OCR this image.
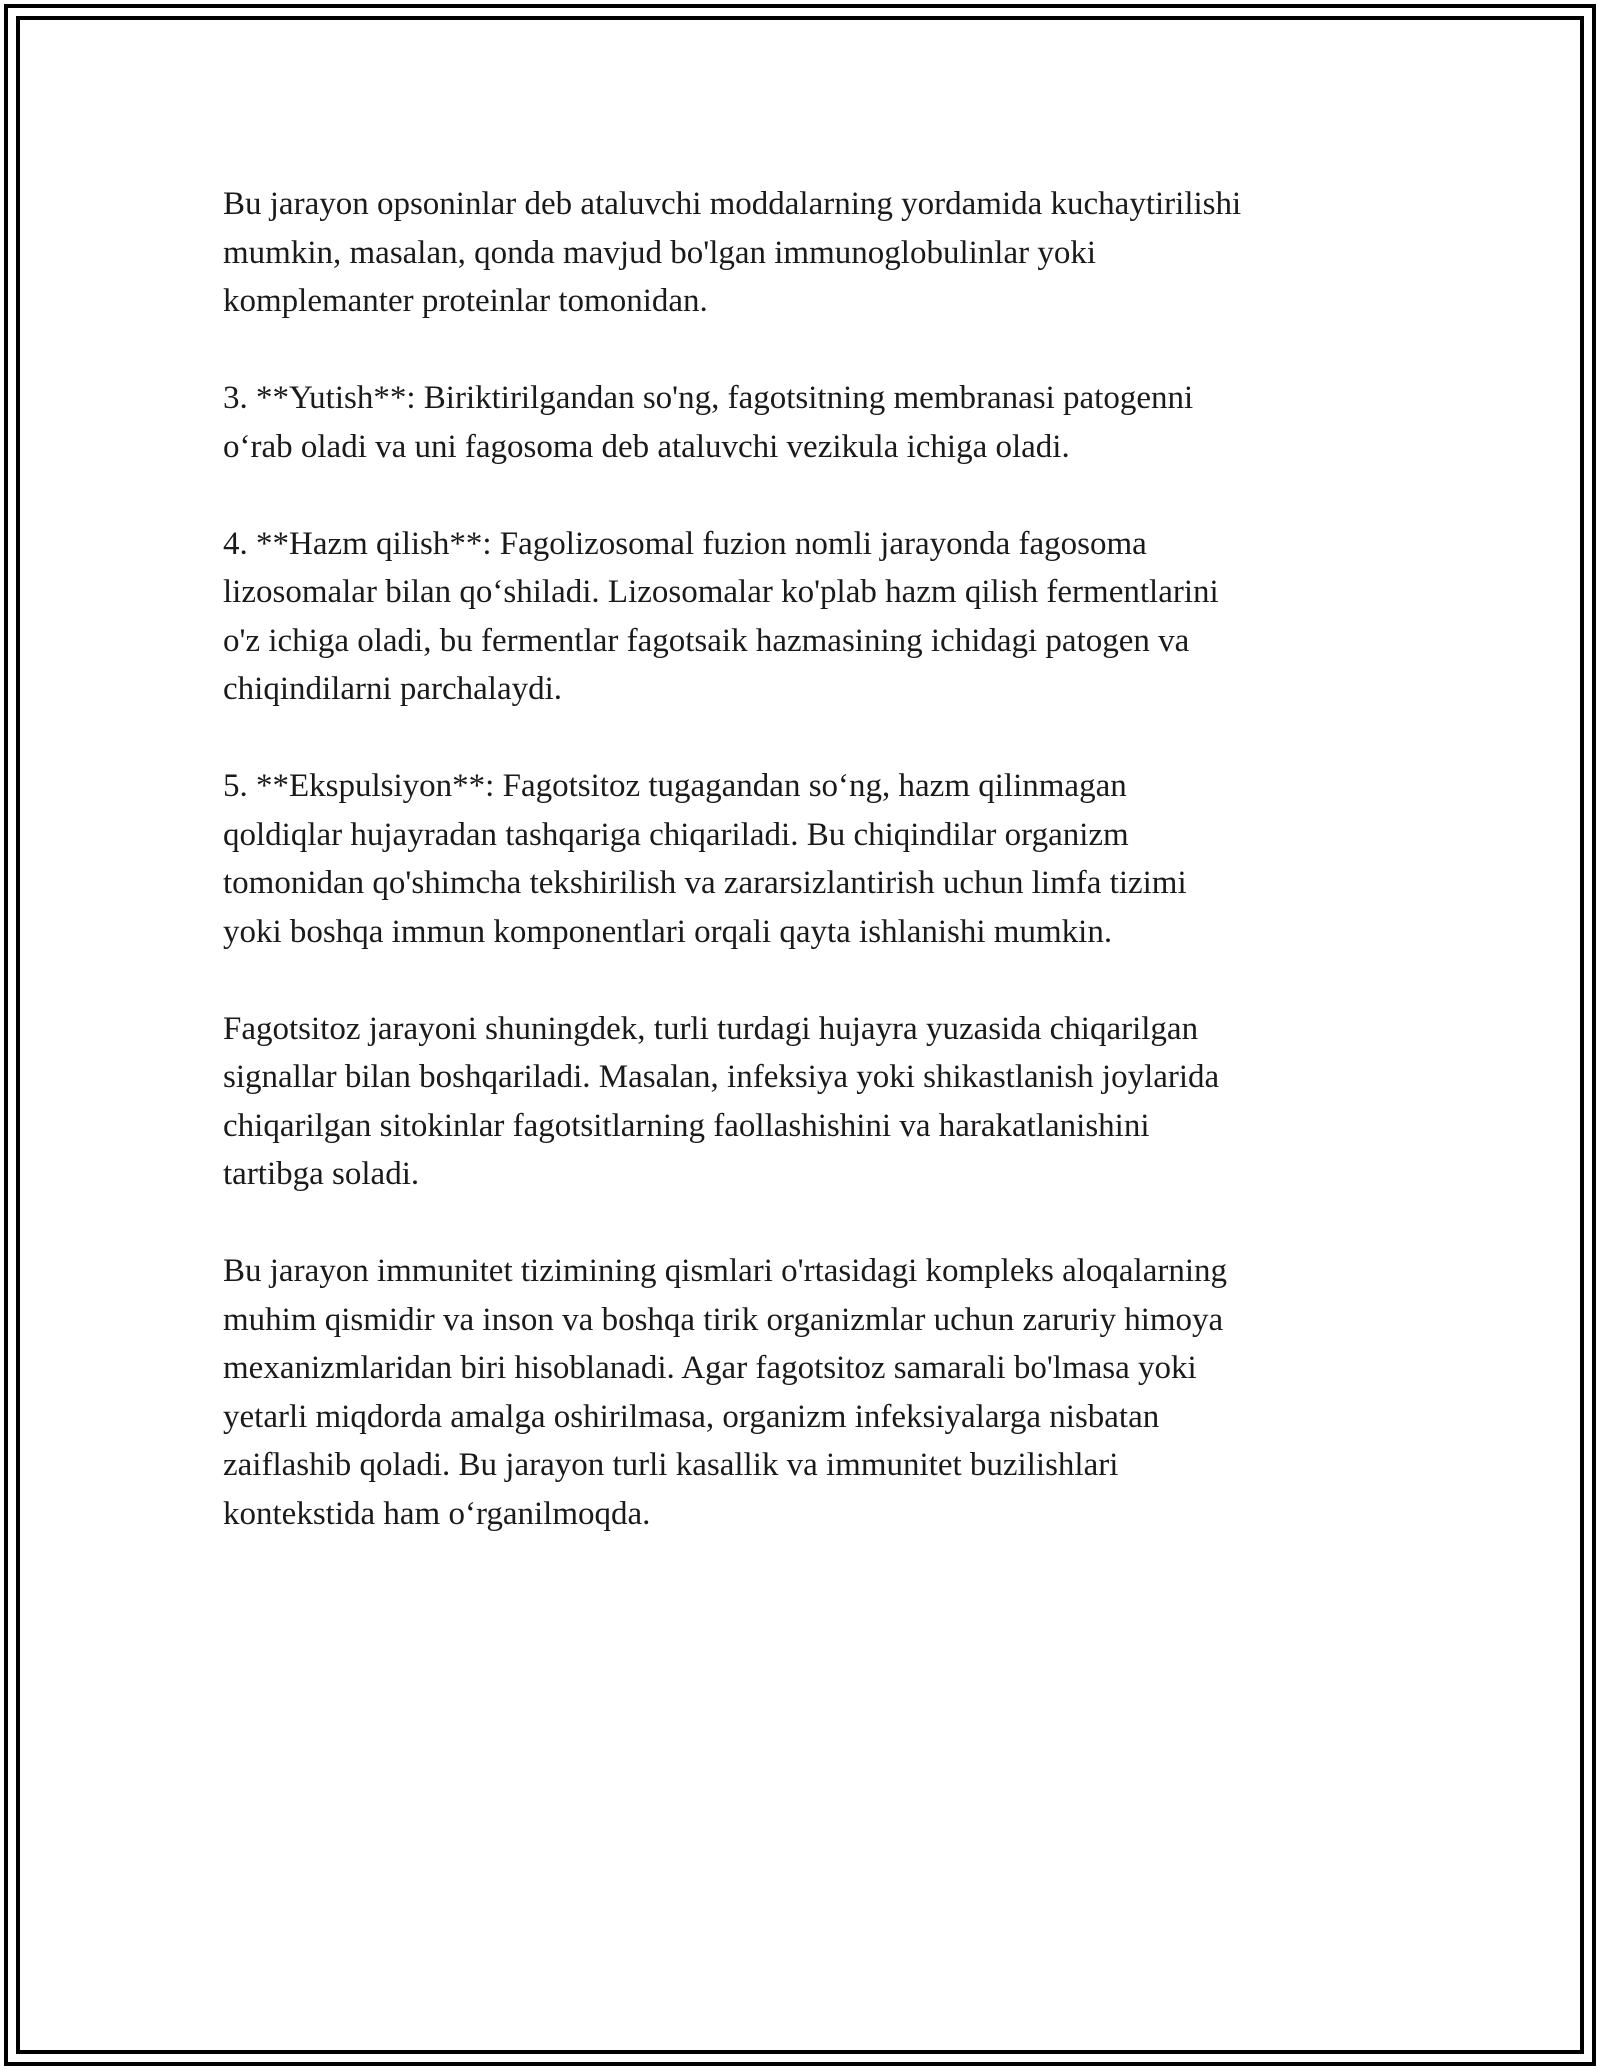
Bu jarayon opsoninlar deb ataluvchi moddalarning yordamida kuchaytirilishi
mumkin, masalan, qonda mavjud bo'lgan immunoglobulinlar yoki
komplemanter proteinlar tomonidan.

3. **Yutish**: Biriktirilgandan so'ng, fagotsitning membranasi patogenni
o‘rab oladi va uni fagosoma deb ataluvchi vezikula ichiga oladi.

4. **Hazm qilish**: Fagolizosomal fuzion nomli jarayonda fagosoma
lizosomalar bilan qo‘shiladi. Lizosomalar ko'plab hazm qilish fermentlarini
o'z ichiga oladi, bu fermentlar fagotsaik hazmasining ichidagi patogen va
chiqindilarni parchalaydi.

5. **Ekspulsiyon**: Fagotsitoz tugagandan so‘ng, hazm qilinmagan
qoldiqlar hujayradan tashqariga chiqariladi. Bu chiqindilar organizm
tomonidan qo'shimcha tekshirilish va zararsizlantirish uchun limfa tizimi
yoki boshqa immun komponentlari orqali qayta ishlanishi mumkin.

Fagotsitoz jarayoni shuningdek, turli turdagi hujayra yuzasida chiqarilgan
signallar bilan boshqariladi. Masalan, infeksiya yoki shikastlanish joylarida
chiqarilgan sitokinlar fagotsitlarning faollashishini va harakatlanishini
tartibga soladi.

Bu jarayon immunitet tizimining qismlari o'rtasidagi kompleks aloqalarning
muhim qismidir va inson va boshqa tirik organizmlar uchun zaruriy himoya
mexanizmlaridan biri hisoblanadi. Agar fagotsitoz samarali bo'lmasa yoki
yetarli miqdorda amalga oshirilmasa, organizm infeksiyalarga nisbatan
zaiflashib qoladi. Bu jarayon turli kasallik va immunitet buzilishlari
kontekstida ham o‘rganilmoqda.
